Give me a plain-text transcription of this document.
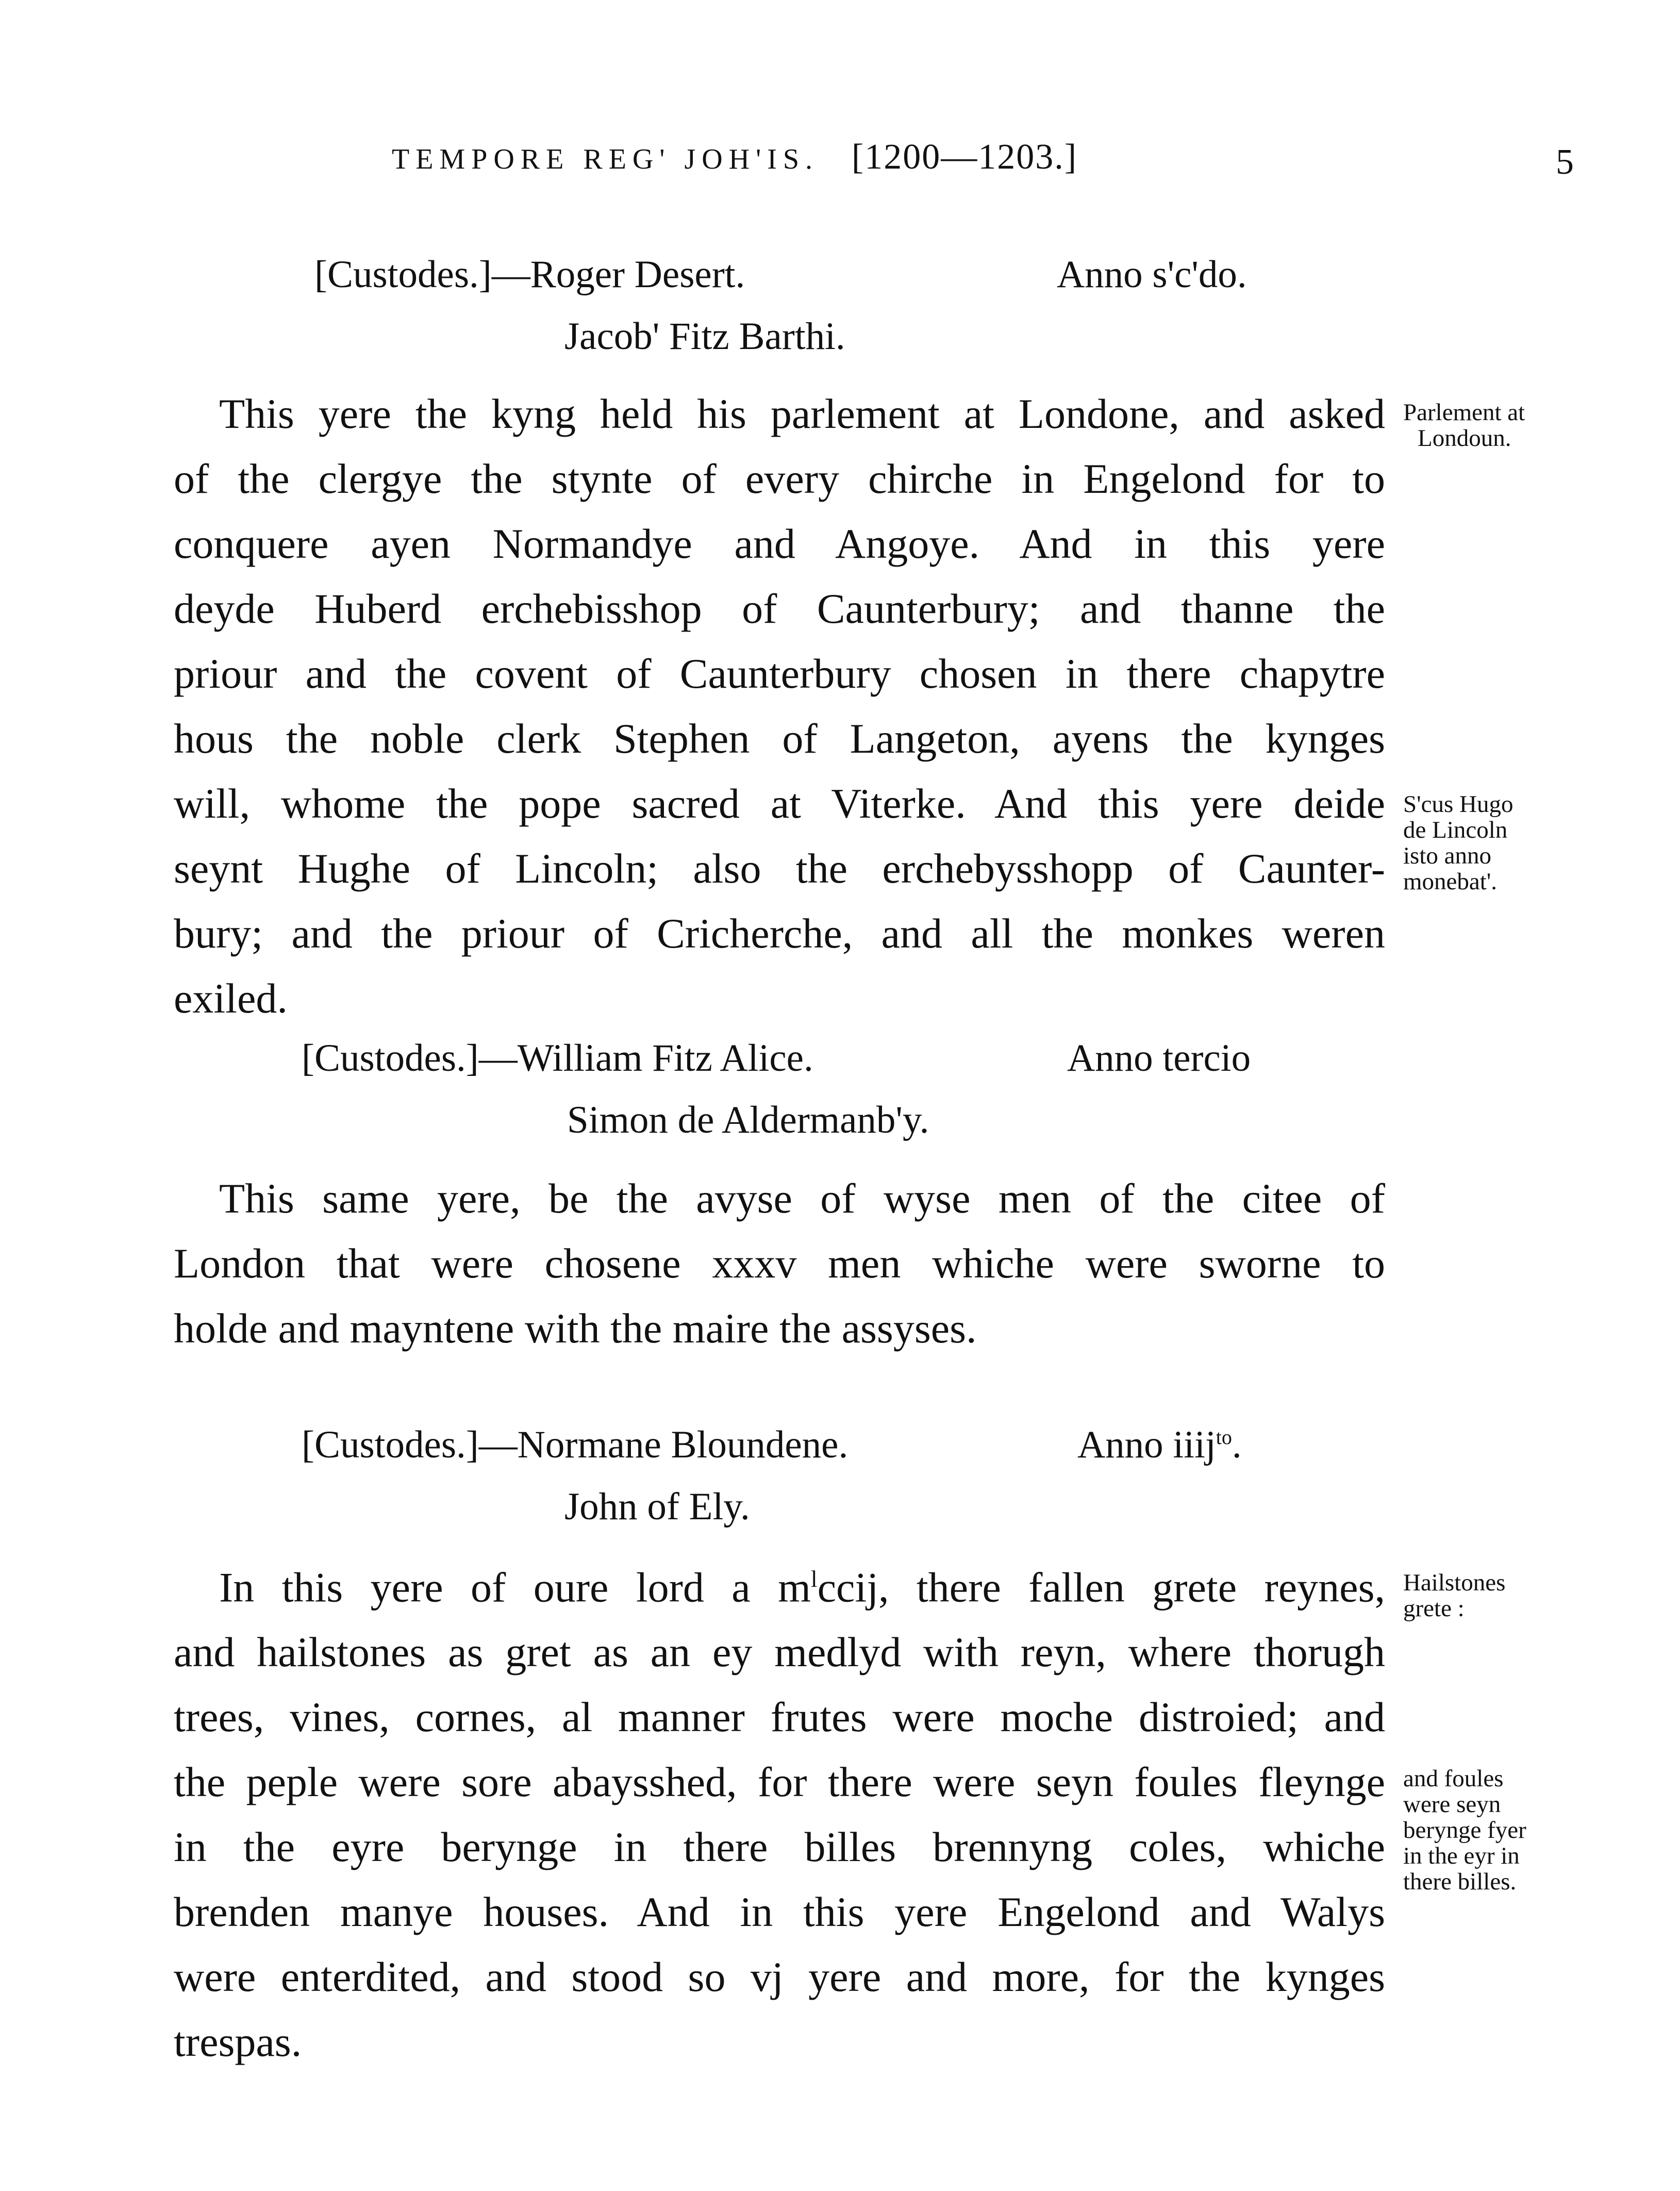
TEMPORE REG' JOH'IS. [1200—1203.]	5
[Custodes.]—Roger Desert.	Anno s'c'do.
Jacob' Fitz Barthi.
This yere the kyng held his parlement at Londone, and asked
of the clergye the stynte of every chirche in Engelond for to
conquere ayen Normandye and Angoye. And in this yere
deyde Huberd erchebisshop of Caunterbury; and thanne the
priour and the covent of Caunterbury chosen in there chapytre
hous the noble clerk Stephen of Langeton, ayens the kynges
will, whome the pope sacred at Viterke. And this yere deide
seynt Hughe of Lincoln; also the erchebysshopp of Caunter-
bury; and the priour of Cricherche, and all the monkes weren
exiled.
Parlement at
Londoun.
S'cus Hugo
de Lincoln
isto anno
monebat'.
[Custodes.]—William Fitz Alice.	Anno tercio
Simon de Aldermanb'y.
This same yere, be the avyse of wyse men of the citee of
London that were chosene xxxv men whiche were sworne to
holde and mayntene with the maire the assyses.
[Custodes.]—Normane Bloundene.	Anno iiij$^{to}$.
John of Ely.
In this yere of oure lord a $m^lccij$, there fallen grete reynes,
and hailstones as gret as an ey medlyd with reyn, where thorugh
trees, vines, cornes, al manner frutes were moche distroied; and
the peple were sore abaysshed, for there were seyn foules fleynge
in the eyre berynge in there billes brennyng coles, whiche
brenden manye houses. And in this yere Engelond and Walys
were enterdited, and stood so vj yere and more, for the kynges
trespas.
Hailstones
grete :
and foules
were seyn
berynge fyer
in the eyr in
there billes.
